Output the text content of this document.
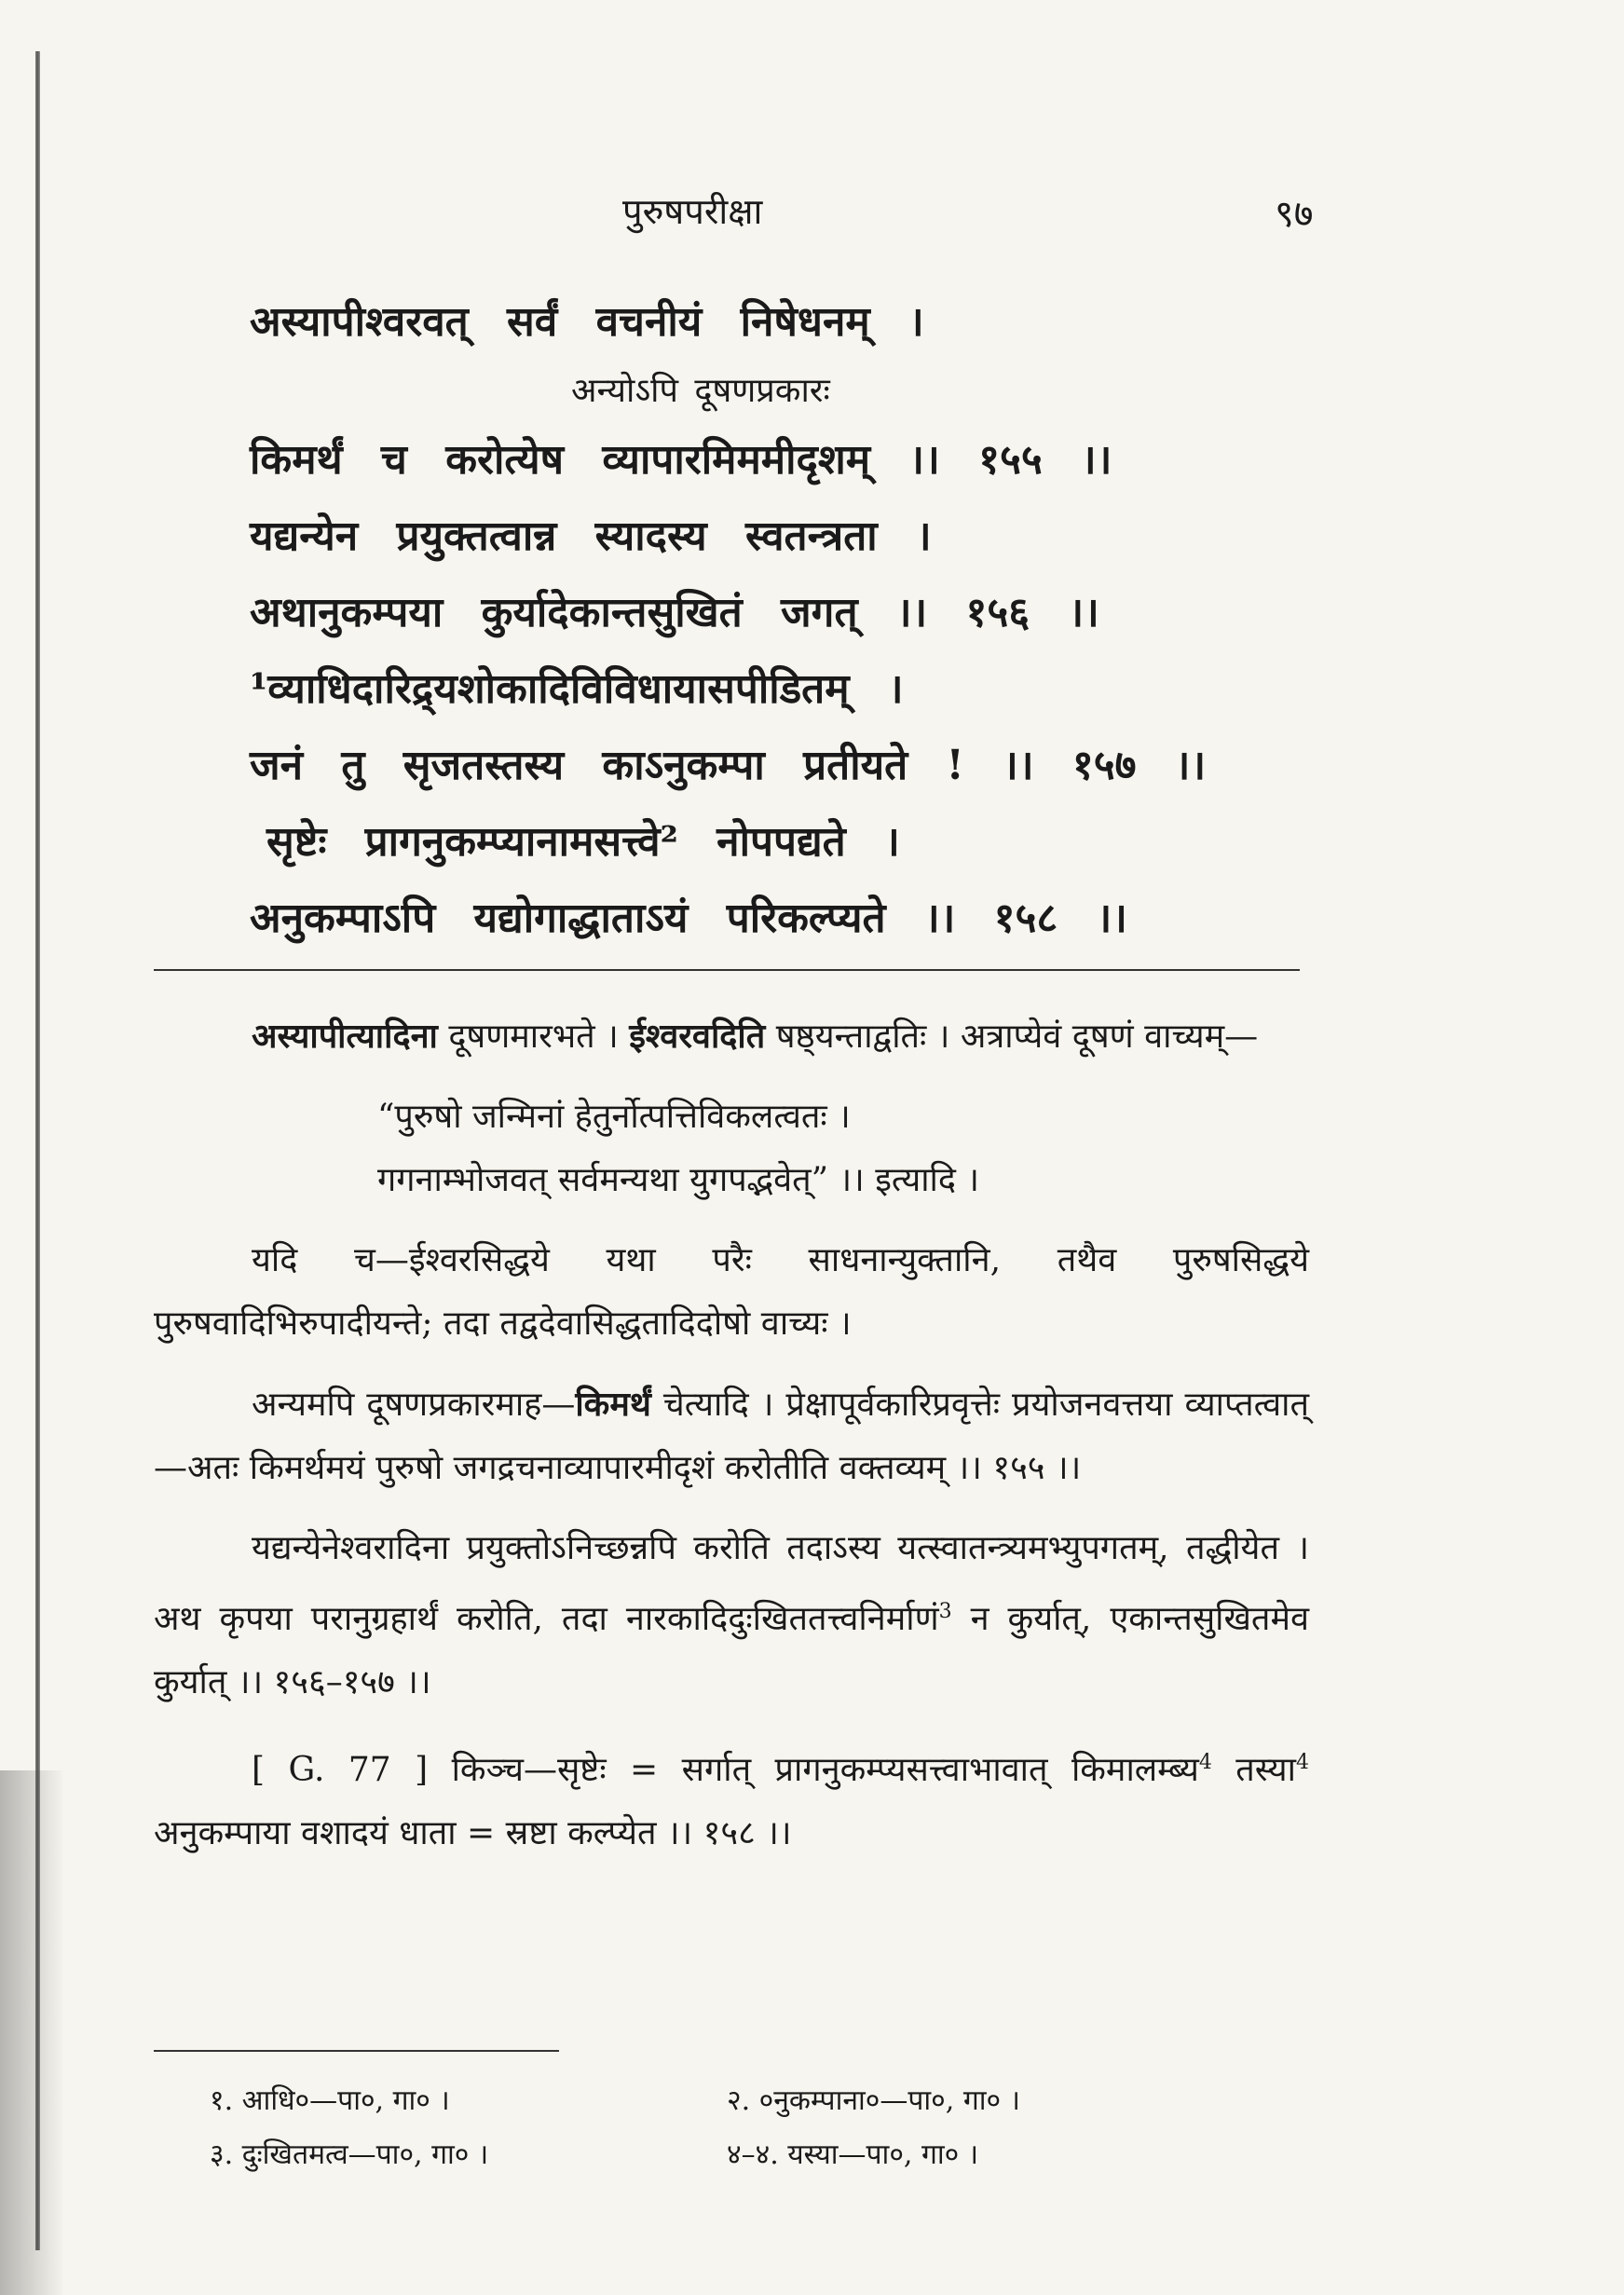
पुरुषपरीक्षा	९७
अस्यापीश्वरवत् सर्वं वचनीयं निषेधनम् ।
अन्योऽपि दूषणप्रकारः
किमर्थं च करोत्येष व्यापारमिममीदृशम् ।। १५५ ।।
यद्यन्येन प्रयुक्तत्वान्न स्यादस्य स्वतन्त्रता ।
अथानुकम्पया कुर्यादेकान्तसुखितं जगत् ।। १५६ ।।
¹व्याधिदारिद्र्यशोकादिविविधायासपीडितम् ।
जनं तु सृजतस्तस्य काऽनुकम्पा प्रतीयते ! ।। १५७ ।।
सृष्टेः प्रागनुकम्प्यानामसत्त्वे² नोपपद्यते ।
अनुकम्पाऽपि यद्योगाद्धाताऽयं परिकल्प्यते ।। १५८ ।।

अस्यापीत्यादिना दूषणमारभते । ईश्वरवदिति षष्ठ्यन्ताद्वतिः । अत्राप्येवं दूषणं वाच्यम्—

“पुरुषो जन्मिनां हेतुर्नोत्पत्तिविकलत्वतः ।

गगनाम्भोजवत् सर्वमन्यथा युगपद्भवेत्” ।। इत्यादि ।

यदि च—ईश्वरसिद्धये यथा परैः साधनान्युक्तानि, तथैव पुरुषसिद्धये पुरुषवादिभिरुपादीयन्ते; तदा तद्वदेवासिद्धतादिदोषो वाच्यः ।

अन्यमपि दूषणप्रकारमाह—किमर्थं चेत्यादि । प्रेक्षापूर्वकारिप्रवृत्तेः प्रयोजनवत्तया व्याप्तत्वात्—अतः किमर्थमयं पुरुषो जगद्रचनाव्यापारमीदृशं करोतीति वक्तव्यम् ।। १५५ ।।

यद्यन्येनेश्वरादिना प्रयुक्तोऽनिच्छन्नपि करोति तदाऽस्य यत्स्वातन्त्र्यमभ्युपगतम्, तद्धीयेत । अथ कृपया परानुग्रहार्थं करोति, तदा नारकादिदुःखिततत्त्वनिर्माणं$^3$ न कुर्यात्, एकान्तसुखितमेव कुर्यात् ।। १५६–१५७ ।।

[ G. 77 ] किञ्च—सृष्टेः = सर्गात् प्रागनुकम्प्यसत्त्वाभावात् किमालम्ब्य$^4$ तस्या$^4$ अनुकम्पाया वशादयं धाता = स्रष्टा कल्प्येत ।। १५८ ।।

१. आधि०—पा०, गा० ।	२. ०नुकम्पाना०—पा०, गा० ।
३. दुःखितमत्व—पा०, गा० ।	४–४. यस्या—पा०, गा० ।
